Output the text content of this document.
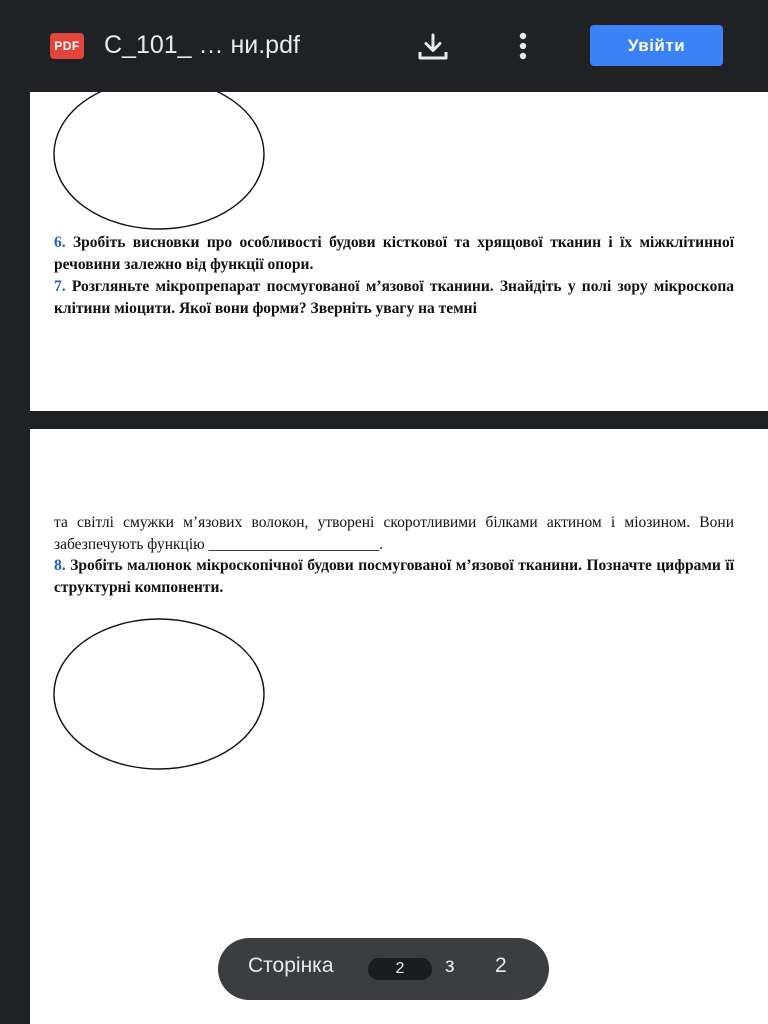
PDF C_101_ … ни.pdf	Увійти

6. Зробіть висновки про особливості будови кісткової та хрящової тканин і їх міжклітинної речовини залежно від функції опори.

7. Розгляньте мікропрепарат посмугованої м’язової тканини. Знайдіть у полі зору мікроскопа клітини міоцити. Якої вони форми? Зверніть увагу на темні

та світлі смужки м’язових волокон, утворені скоротливими білками актином і міозином. Вони забезпечують функцію ______________________.
8. Зробіть малюнок мікроскопічної будови посмугованої м’язової тканини. Позначте цифрами її структурні компоненти.

Сторінка	2	з 2
